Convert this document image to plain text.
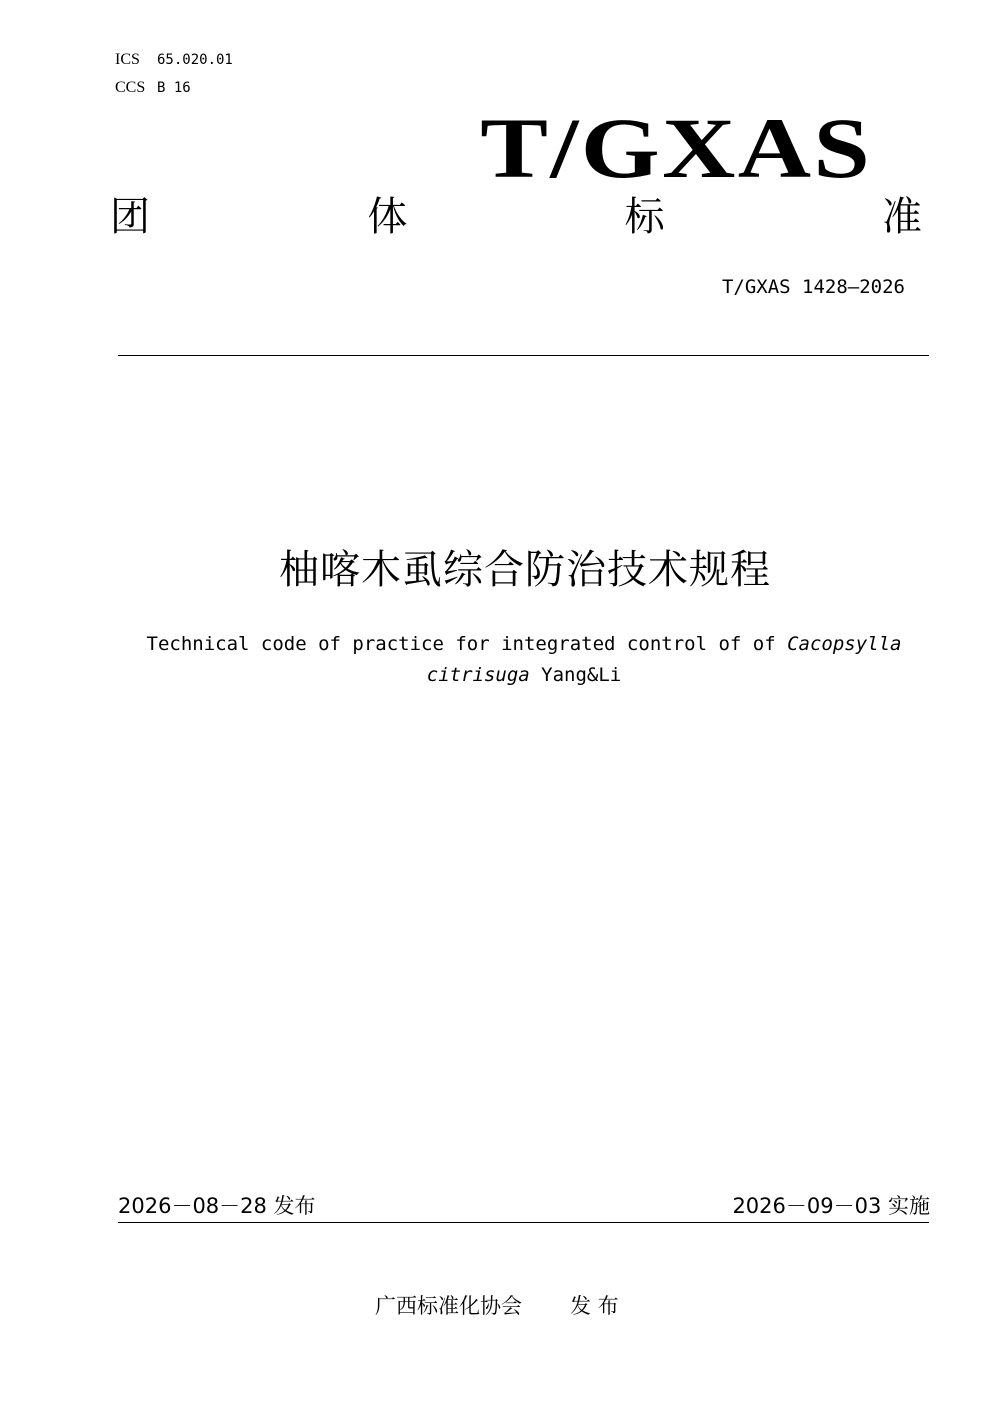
ICS	65.020.01
CCS B 16
T/GXAS
团	体	标	准
T/GXAS 1428—2026
柚喀木虱综合防治技术规程
Technical code of practice for integrated control of of Cacopsylla
citrisuga Yang&Li
2026－08－28 发布	2026－09－03 实施
广西标准化协会 发 布
